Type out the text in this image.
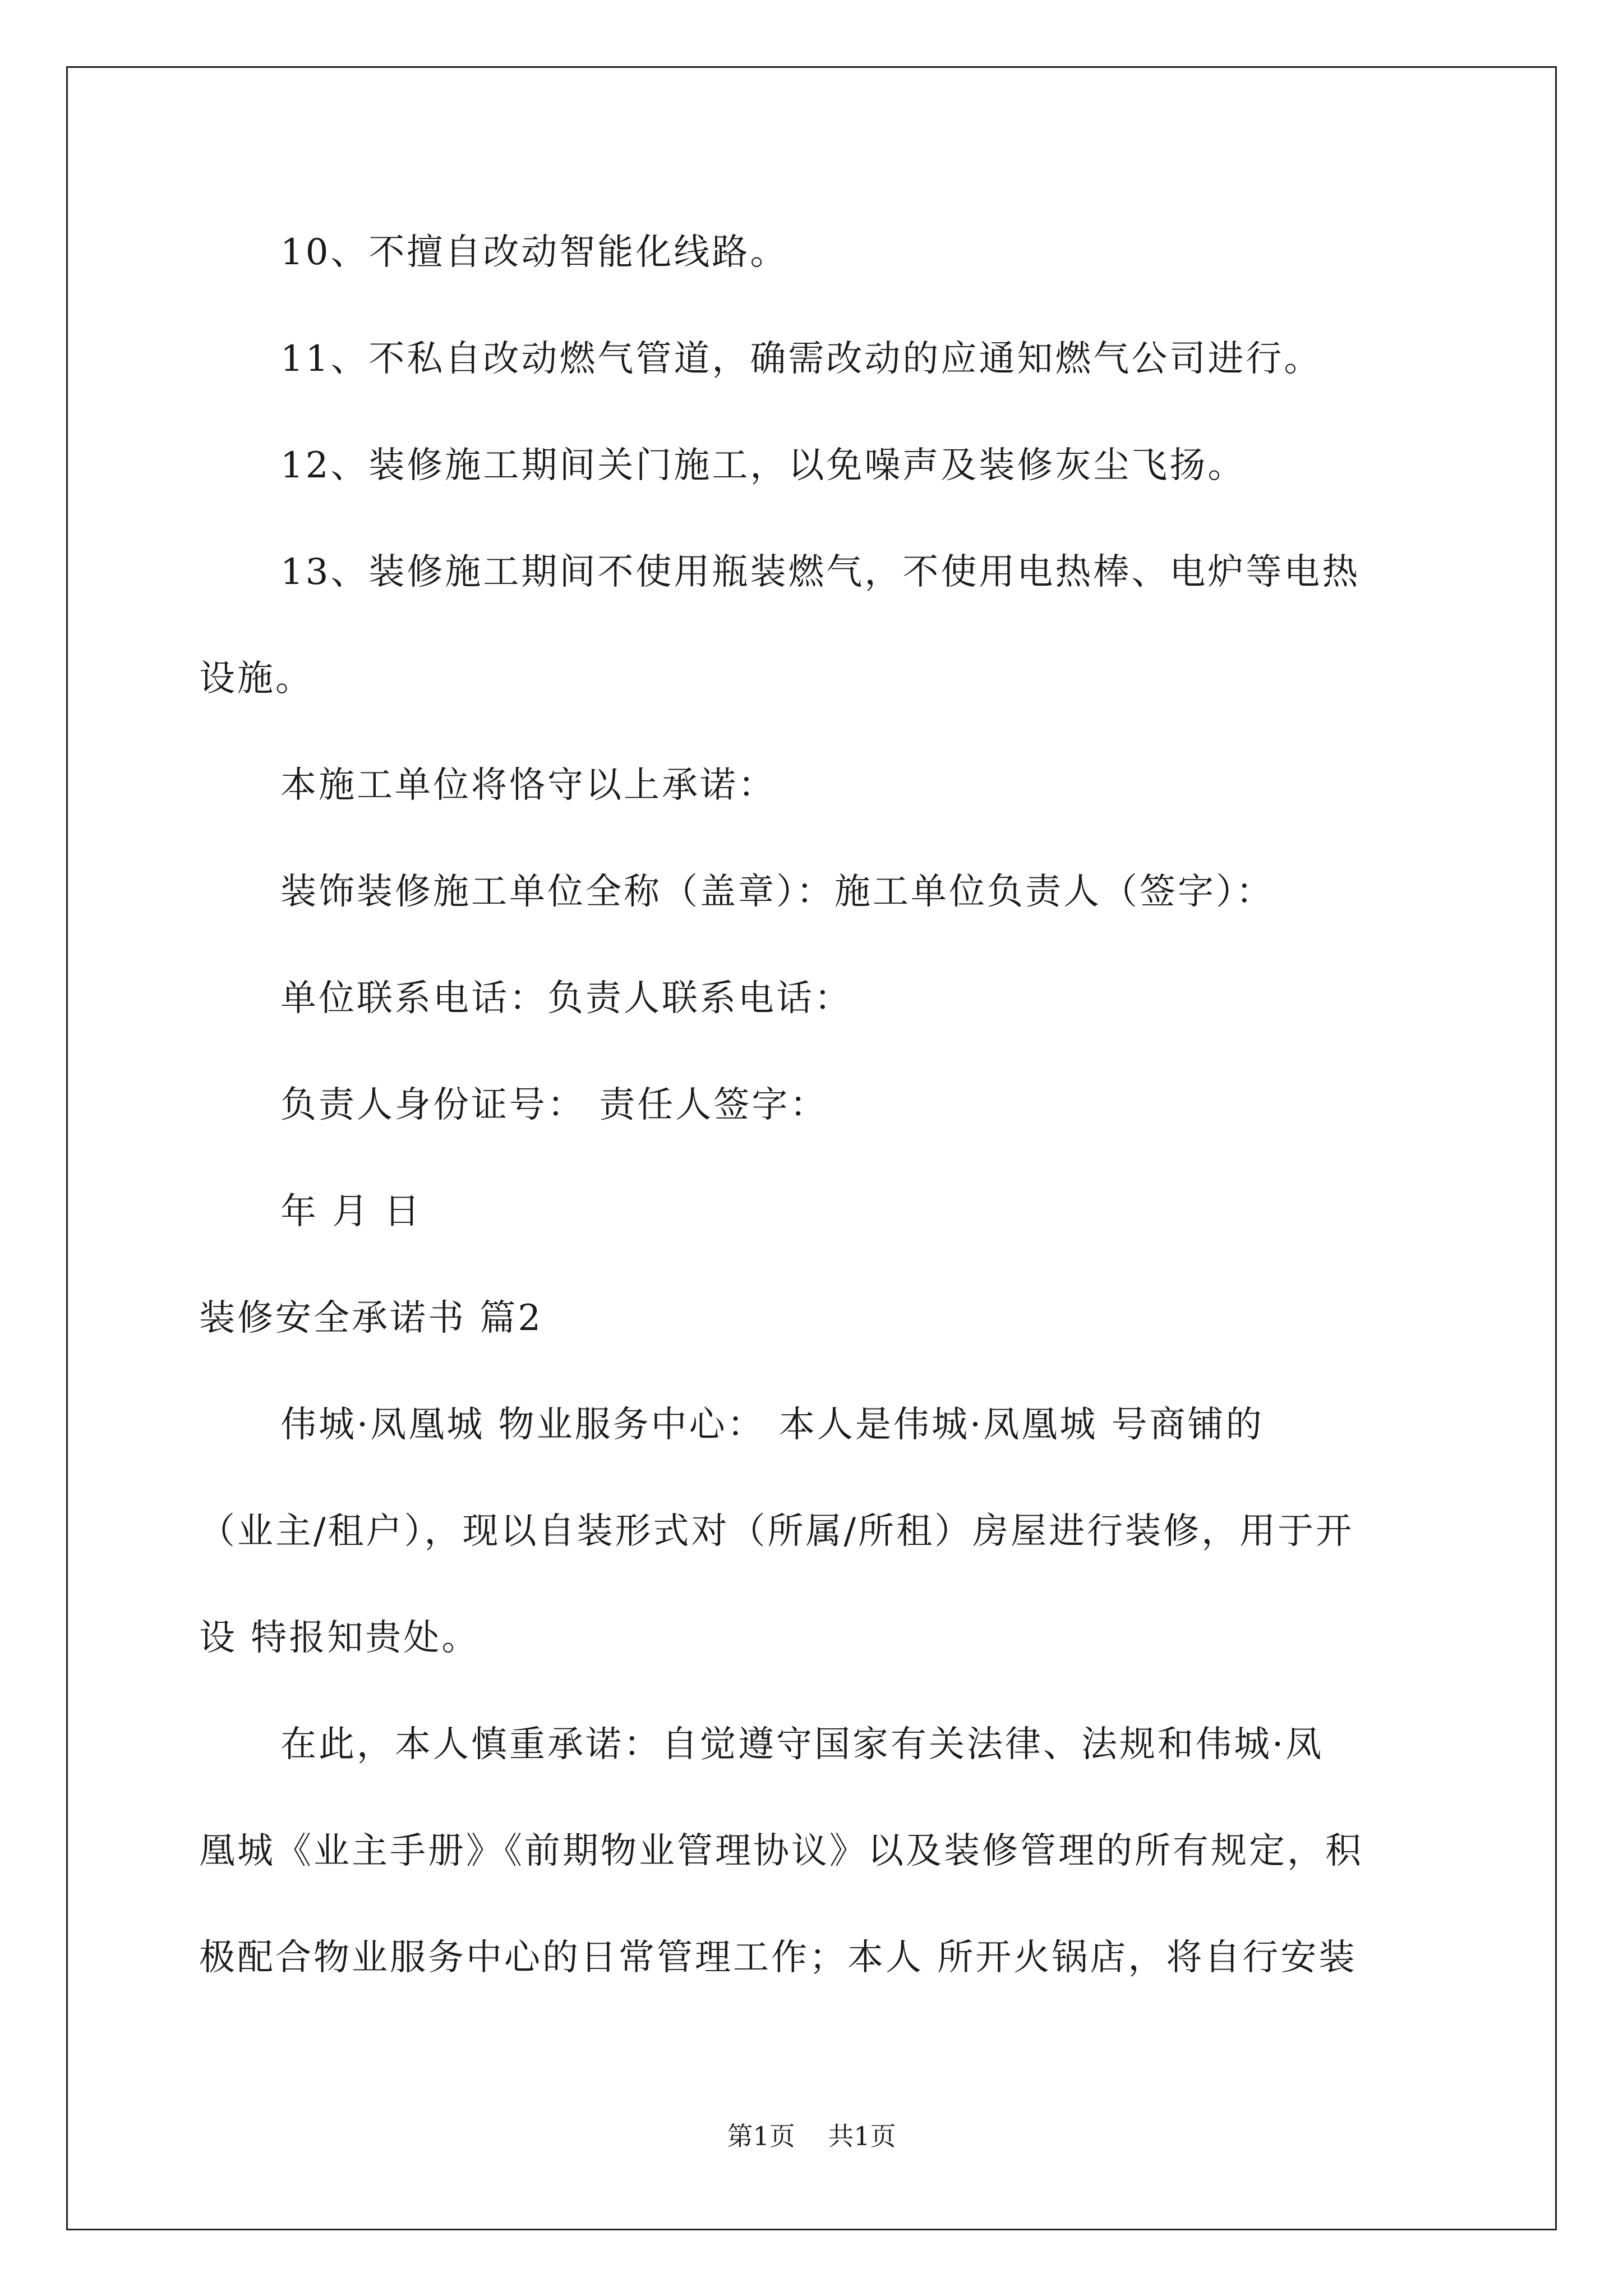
10、不擅自改动智能化线路。
11、不私自改动燃气管道，确需改动的应通知燃气公司进行。
12、装修施工期间关门施工，以免噪声及装修灰尘飞扬。
13、装修施工期间不使用瓶装燃气，不使用电热棒、电炉等电热
设施。
本施工单位将恪守以上承诺：
装饰装修施工单位全称（盖章）：施工单位负责人（签字）：
单位联系电话：负责人联系电话：
负责人身份证号： 责任人签字：
年 月 日
装修安全承诺书 篇2
伟城·凤凰城 物业服务中心： 本人是伟城·凤凰城 号商铺的
（业主/租户），现以自装形式对（所属/所租）房屋进行装修，用于开
设 特报知贵处。
在此，本人慎重承诺：自觉遵守国家有关法律、法规和伟城·凤
凰城《业主手册》《前期物业管理协议》以及装修管理的所有规定，积
极配合物业服务中心的日常管理工作；本人 所开火锅店，将自行安装
第1页    共1页
